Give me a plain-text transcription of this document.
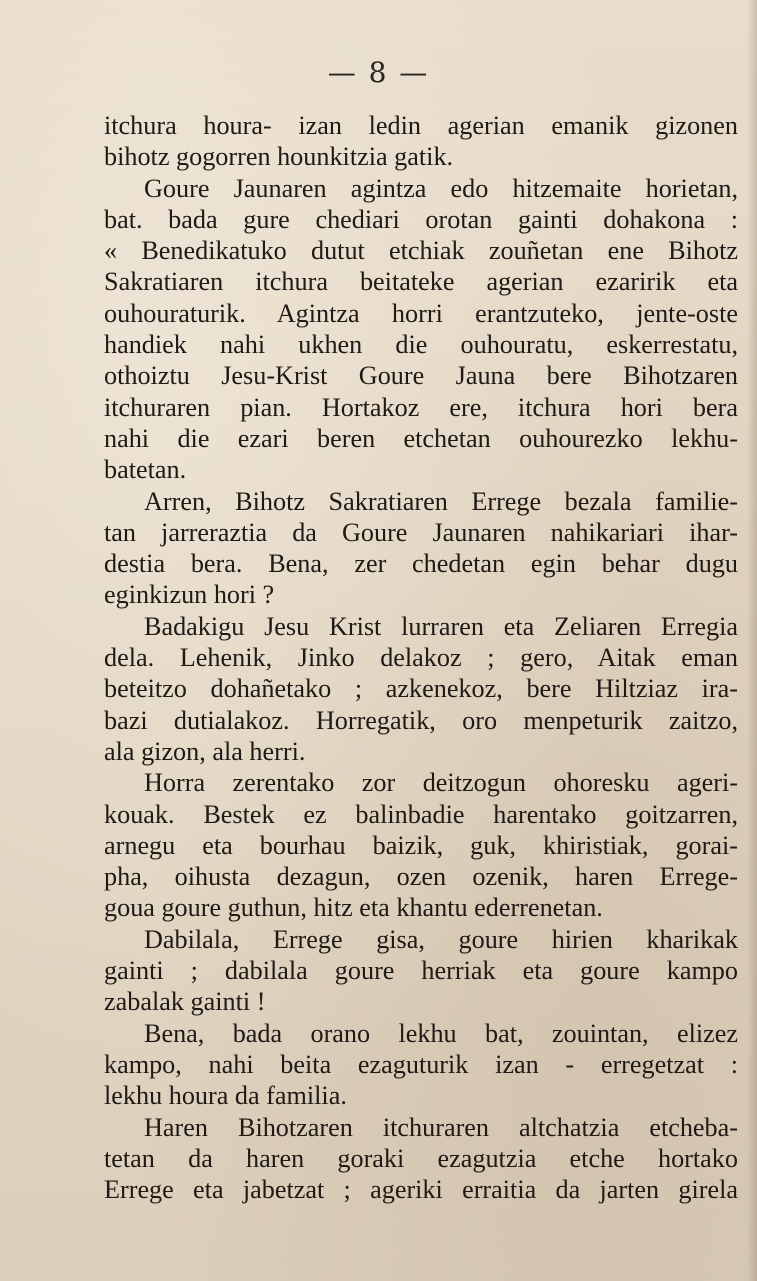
— 8 —
itchura houra- izan ledin agerian emanik gizonen
bihotz gogorren hounkitzia gatik.
Goure Jaunaren agintza edo hitzemaite horietan,
bat. bada gure chediari orotan gainti dohakona :
« Benedikatuko dutut etchiak zouñetan ene Bihotz
Sakratiaren itchura beitateke agerian ezaririk eta
ouhouraturik. Agintza horri erantzuteko, jente-oste
handiek nahi ukhen die ouhouratu, eskerrestatu,
othoiztu Jesu-Krist Goure Jauna bere Bihotzaren
itchuraren pian. Hortakoz ere, itchura hori bera
nahi die ezari beren etchetan ouhourezko lekhu-
batetan.
Arren, Bihotz Sakratiaren Errege bezala familie-
tan jarreraztia da Goure Jaunaren nahikariari ihar-
destia bera. Bena, zer chedetan egin behar dugu
eginkizun hori ?
Badakigu Jesu Krist lurraren eta Zeliaren Erregia
dela. Lehenik, Jinko delakoz ; gero, Aitak eman
beteitzo dohañetako ; azkenekoz, bere Hiltziaz ira-
bazi dutialakoz. Horregatik, oro menpeturik zaitzo,
ala gizon, ala herri.
Horra zerentako zor deitzogun ohoresku ageri-
kouak. Bestek ez balinbadie harentako goitzarren,
arnegu eta bourhau baizik, guk, khiristiak, gorai-
pha, oihusta dezagun, ozen ozenik, haren Errege-
goua goure guthun, hitz eta khantu ederrenetan.
Dabilala, Errege gisa, goure hirien kharikak
gainti ; dabilala goure herriak eta goure kampo
zabalak gainti !
Bena, bada orano lekhu bat, zouintan, elizez
kampo, nahi beita ezaguturik izan - erregetzat :
lekhu houra da familia.
Haren Bihotzaren itchuraren altchatzia etcheba-
tetan da haren goraki ezagutzia etche hortako
Errege eta jabetzat ; ageriki erraitia da jarten girela
